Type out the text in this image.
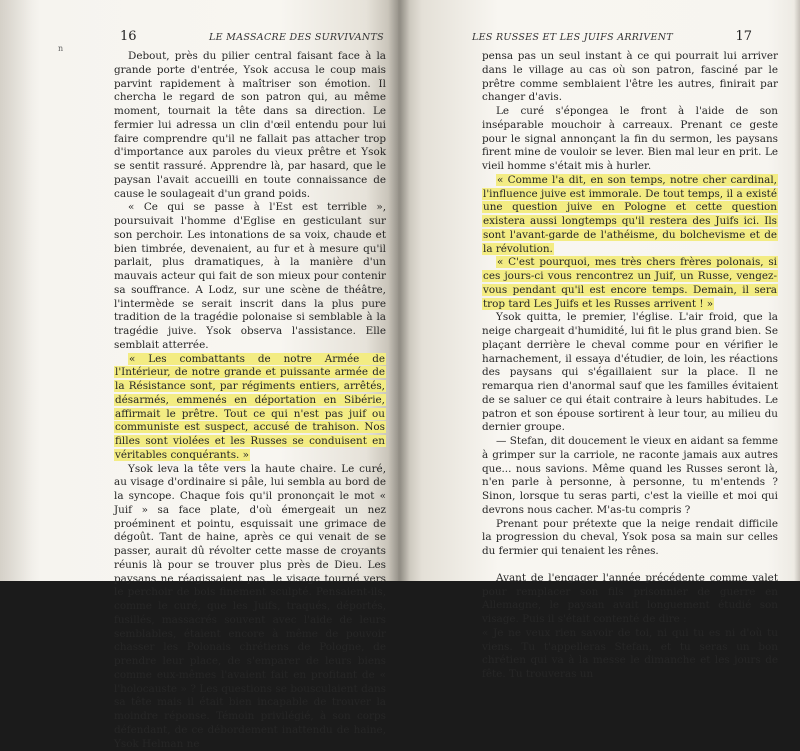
n
16	LE MASSACRE DES SURVIVANTS

Debout, près du pilier central faisant face à la grande porte d'entrée, Ysok accusa le coup mais parvint rapidement à maîtriser son émotion. Il chercha le regard de son patron qui, au même moment, tournait la tête dans sa direction. Le fermier lui adressa un clin d'œil entendu pour lui faire comprendre qu'il ne fallait pas attacher trop d'importance aux paroles du vieux prêtre et Ysok se sentit rassuré. Apprendre là, par hasard, que le paysan l'avait accueilli en toute connaissance de cause le soulageait d'un grand poids.

« Ce qui se passe à l'Est est terrible », poursuivait l'homme d'Eglise en gesticulant sur son perchoir. Les intonations de sa voix, chaude et bien timbrée, devenaient, au fur et à mesure qu'il parlait, plus dramatiques, à la manière d'un mauvais acteur qui fait de son mieux pour contenir sa souffrance. A Lodz, sur une scène de théâtre, l'intermède se serait inscrit dans la plus pure tradition de la tragédie polonaise si semblable à la tragédie juive. Ysok observa l'assistance. Elle semblait atterrée.

« Les combattants de notre Armée de l'Intérieur, de notre grande et puissante armée de la Résistance sont, par régiments entiers, arrêtés, désarmés, emmenés en déportation en Sibérie, affirmait le prêtre. Tout ce qui n'est pas juif ou communiste est suspect, accusé de trahison. Nos filles sont violées et les Russes se conduisent en véritables conquérants. »

Ysok leva la tête vers la haute chaire. Le curé, au visage d'ordinaire si pâle, lui sembla au bord de la syncope. Chaque fois qu'il prononçait le mot « Juif » sa face plate, d'où émergeait un nez proéminent et pointu, esquissait une grimace de dégoût. Tant de haine, après ce qui venait de se passer, aurait dû révolter cette masse de croyants réunis là pour se trouver plus près de Dieu. Les paysans ne réagissaient pas, le visage tourné vers le perchoir de bois finement sculpté. Pensaient-ils, comme le curé, que les Juifs, traqués, déportés, fusillés, massacrés souvent avec l'aide de leurs semblables, étaient encore à même de pouvoir chasser les Polonais chrétiens de Pologne, de prendre leur place, de s'emparer de leurs biens comme eux-mêmes l'avaient fait en profitant de « l'holocauste » ? Les questions se bousculaient dans sa tête mais il était bien incapable de trouver la moindre réponse. Témoin privilégié, à son corps défendant, de ce débordement inattendu de haine, Ysok Helman ne

LES RUSSES ET LES JUIFS ARRIVENT	17

pensa pas un seul instant à ce qui pourrait lui arriver dans le village au cas où son patron, fasciné par le prêtre comme semblaient l'être les autres, finirait par changer d'avis.

Le curé s'épongea le front à l'aide de son inséparable mouchoir à carreaux. Prenant ce geste pour le signal annonçant la fin du sermon, les paysans firent mine de vouloir se lever. Bien mal leur en prit. Le vieil homme s'était mis à hurler.

« Comme l'a dit, en son temps, notre cher cardinal, l'influence juive est immorale. De tout temps, il a existé une question juive en Pologne et cette question existera aussi longtemps qu'il restera des Juifs ici. Ils sont l'avant-garde de l'athéisme, du bolchevisme et de la révolution.

« C'est pourquoi, mes très chers frères polonais, si ces jours-ci vous rencontrez un Juif, un Russe, vengez-vous pendant qu'il est encore temps. Demain, il sera trop tard Les Juifs et les Russes arrivent ! »

Ysok quitta, le premier, l'église. L'air froid, que la neige chargeait d'humidité, lui fit le plus grand bien. Se plaçant derrière le cheval comme pour en vérifier le harnachement, il essaya d'étudier, de loin, les réactions des paysans qui s'égaillaient sur la place. Il ne remarqua rien d'anormal sauf que les familles évitaient de se saluer ce qui était contraire à leurs habitudes. Le patron et son épouse sortirent à leur tour, au milieu du dernier groupe.

— Stefan, dit doucement le vieux en aidant sa femme à grimper sur la carriole, ne raconte jamais aux autres que... nous savions. Même quand les Russes seront là, n'en parle à personne, à personne, tu m'entends ? Sinon, lorsque tu seras parti, c'est la vieille et moi qui devrons nous cacher. M'as-tu compris ?

Prenant pour prétexte que la neige rendait difficile la progression du cheval, Ysok posa sa main sur celles du fermier qui tenaient les rênes.

Avant de l'engager l'année précédente comme valet pour remplacer son fils prisonnier de guerre en Allemagne, le paysan avait longuement étudié son visage. Puis il s'était contenté de dire :

« Je ne veux rien savoir de toi, ni qui tu es ni d'où tu viens. Tu t'appelleras Stefan, et tu seras un bon chrétien qui va à la messe le dimanche et les jours de fête. Tu trouveras un
